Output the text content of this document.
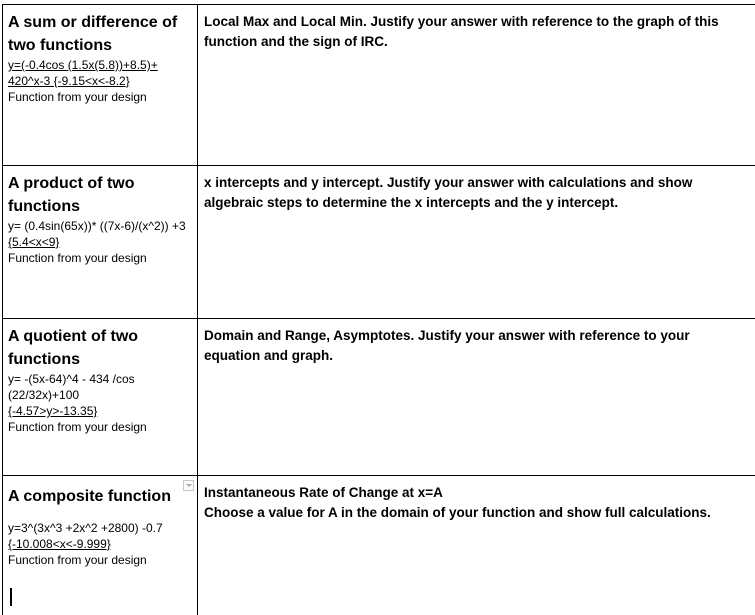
A sum or difference of two functions

y=(-0.4cos (1.5x(5.8))+8.5)+

420^x-3 {-9.15<x<-8.2}

Function from your design

Local Max and Local Min. Justify your answer with reference to the graph of this function and the sign of IRC.

A product of two functions

y= (0.4sin(65x))* ((7x-6)/(x^2)) +3

{5.4<x<9}

Function from your design

x intercepts and y intercept. Justify your answer with calculations and show algebraic steps to determine the x intercepts and the y intercept.

A quotient of two functions

y= -(5x-64)^4 - 434 /cos

(22/32x)+100

{-4.57>y>-13.35}

Function from your design

Domain and Range, Asymptotes. Justify your answer with reference to your equation and graph.

A composite function

y=3^(3x^3 +2x^2 +2800) -0.7

{-10.008<x<-9.999}

Function from your design

Instantaneous Rate of Change at x=A

Choose a value for A in the domain of your function and show full calculations.
